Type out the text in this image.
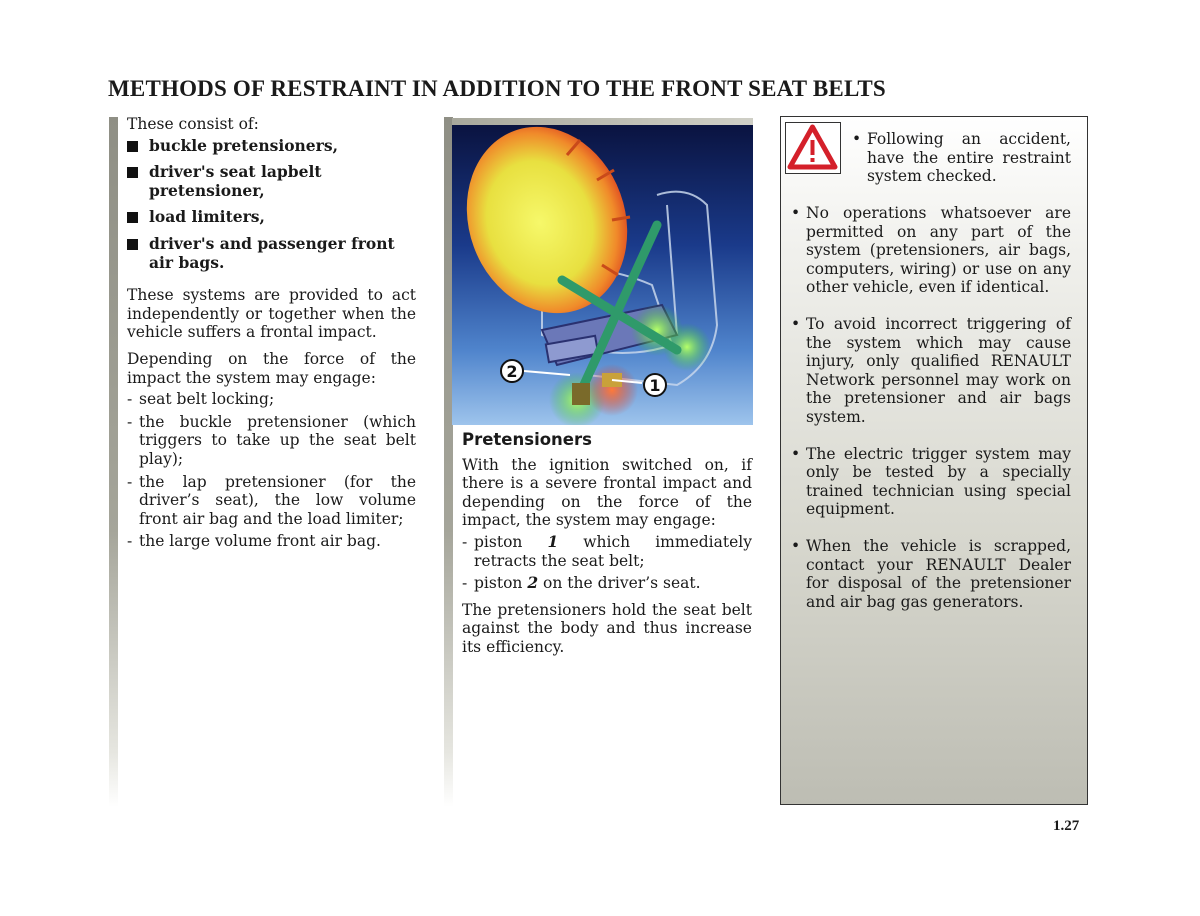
METHODS OF RESTRAINT IN ADDITION TO THE FRONT SEAT BELTS

These consist of:

buckle pretensioners,
driver's seat lapbelt pretensioner,
load limiters,
driver's and passenger front air bags.

These systems are provided to act independently or together when the vehicle suffers a frontal impact.

Depending on the force of the impact the system may engage:

- seat belt locking;
- the buckle pretensioner (which triggers to take up the seat belt play);
- the lap pretensioner (for the driver’s seat), the low volume front air bag and the load limiter;
- the large volume front air bag.
2
1
Pretensioners

With the ignition switched on, if there is a severe frontal impact and depending on the force of the impact, the system may engage:

- piston 1 which immediately retracts the seat belt;
- piston 2 on the driver’s seat.

The pretensioners hold the seat belt against the body and thus increase its efficiency.

• Following an accident, have the entire restraint system checked.
• No operations whatsoever are permitted on any part of the system (pretensioners, air bags, computers, wiring) or use on any other vehicle, even if identical.
• To avoid incorrect triggering of the system which may cause injury, only qualified RENAULT Network personnel may work on the pretensioner and air bags system.
• The electric trigger system may only be tested by a specially trained technician using special equipment.
• When the vehicle is scrapped, contact your RENAULT Dealer for disposal of the pretensioner and air bag gas generators.
1.27
